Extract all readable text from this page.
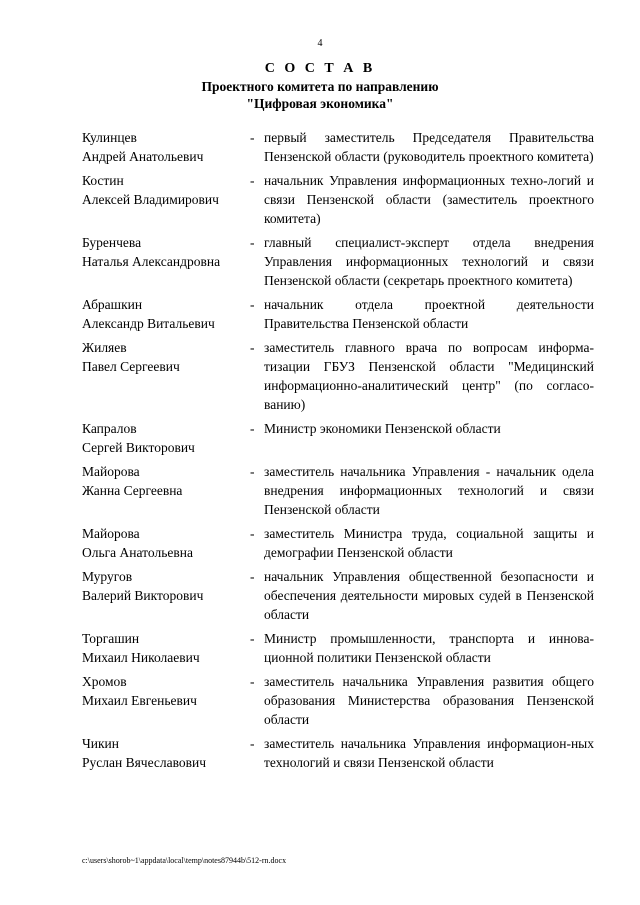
4
С О С Т А В
Проектного комитета по направлению
"Цифровая экономика"
Кулинцев
Андрей Анатольевич
- первый заместитель Председателя Правительства Пензенской области (руководитель проектного комитета)
Костин
Алексей Владимирович
- начальник Управления информационных техно-логий и связи Пензенской области (заместитель проектного комитета)
Буренчева
Наталья Александровна
- главный специалист-эксперт отдела внедрения Управления информационных технологий и связи Пензенской области (секретарь проектного комитета)
Абрашкин
Александр Витальевич
- начальник отдела проектной деятельности Правительства Пензенской области
Жиляев
Павел Сергеевич
- заместитель главного врача по вопросам информа-тизации ГБУЗ Пензенской области "Медицинский информационно-аналитический центр" (по согласо-ванию)
Капралов
Сергей Викторович
- Министр экономики Пензенской области
Майорова
Жанна Сергеевна
- заместитель начальника Управления - начальник одела внедрения информационных технологий и связи Пензенской области
Майорова
Ольга Анатольевна
- заместитель Министра труда, социальной защиты и демографии Пензенской области
Муругов
Валерий Викторович
- начальник Управления общественной безопасности и обеспечения деятельности мировых судей в Пензенской области
Торгашин
Михаил Николаевич
- Министр промышленности, транспорта и иннова-ционной политики Пензенской области
Хромов
Михаил Евгеньевич
- заместитель начальника Управления развития общего образования Министерства образования Пензенской области
Чикин
Руслан Вячеславович
- заместитель начальника Управления информацион-ных технологий и связи Пензенской области
c:\users\shorob~1\appdata\local\temp\notes87944b\512-rn.docx
